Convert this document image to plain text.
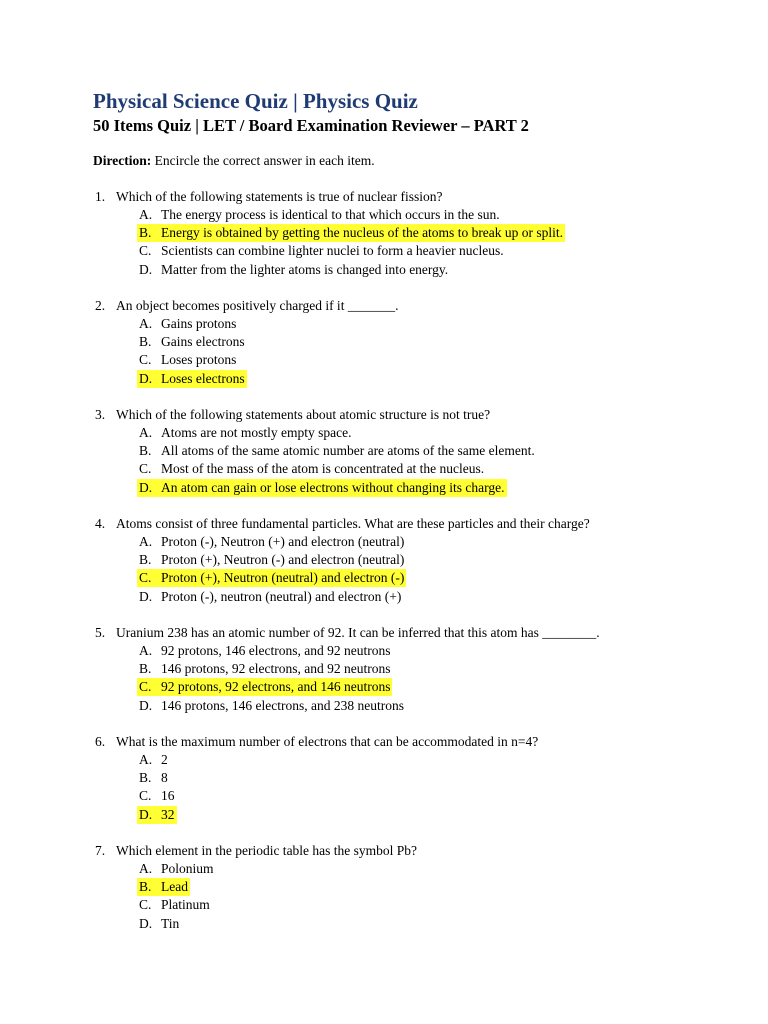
Physical Science Quiz | Physics Quiz
50 Items Quiz | LET / Board Examination Reviewer – PART 2
Direction: Encircle the correct answer in each item.
1. Which of the following statements is true of nuclear fission?
A. The energy process is identical to that which occurs in the sun.
B. Energy is obtained by getting the nucleus of the atoms to break up or split.
C. Scientists can combine lighter nuclei to form a heavier nucleus.
D. Matter from the lighter atoms is changed into energy.
2. An object becomes positively charged if it _______.
A. Gains protons
B. Gains electrons
C. Loses protons
D. Loses electrons
3. Which of the following statements about atomic structure is not true?
A. Atoms are not mostly empty space.
B. All atoms of the same atomic number are atoms of the same element.
C. Most of the mass of the atom is concentrated at the nucleus.
D. An atom can gain or lose electrons without changing its charge.
4. Atoms consist of three fundamental particles. What are these particles and their charge?
A. Proton (-), Neutron (+) and electron (neutral)
B. Proton (+), Neutron (-) and electron (neutral)
C. Proton (+), Neutron (neutral) and electron (-)
D. Proton (-), neutron (neutral) and electron (+)
5. Uranium 238 has an atomic number of 92. It can be inferred that this atom has ________.
A. 92 protons, 146 electrons, and 92 neutrons
B. 146 protons, 92 electrons, and 92 neutrons
C. 92 protons, 92 electrons, and 146 neutrons
D. 146 protons, 146 electrons, and 238 neutrons
6. What is the maximum number of electrons that can be accommodated in n=4?
A. 2
B. 8
C. 16
D. 32
7. Which element in the periodic table has the symbol Pb?
A. Polonium
B. Lead
C. Platinum
D. Tin
